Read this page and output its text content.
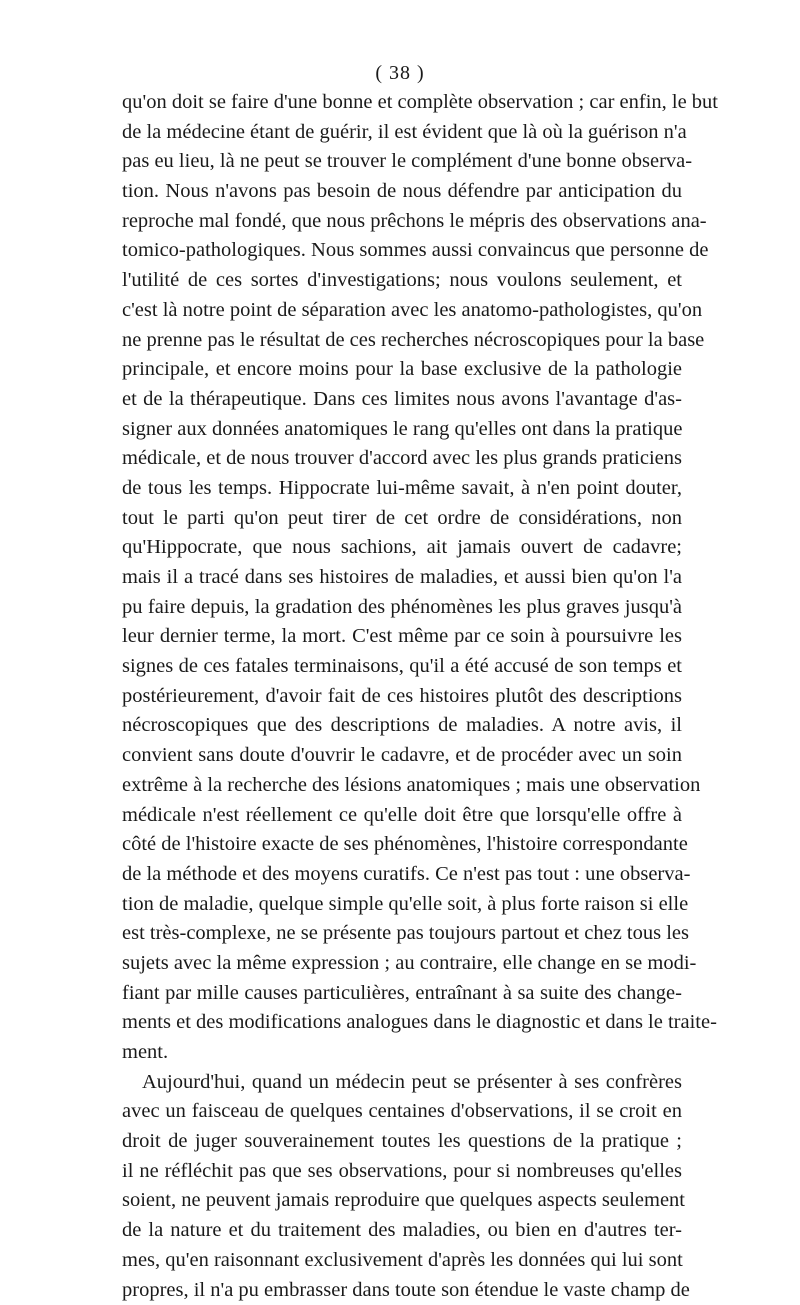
( 38 )
qu'on doit se faire d'une bonne et complète observation ; car enfin, le but
de la médecine étant de guérir, il est évident que là où la guérison n'a
pas eu lieu, là ne peut se trouver le complément d'une bonne observa-
tion. Nous n'avons pas besoin de nous défendre par anticipation du
reproche mal fondé, que nous prêchons le mépris des observations ana-
tomico-pathologiques. Nous sommes aussi convaincus que personne de
l'utilité de ces sortes d'investigations; nous voulons seulement, et
c'est là notre point de séparation avec les anatomo-pathologistes, qu'on
ne prenne pas le résultat de ces recherches nécroscopiques pour la base
principale, et encore moins pour la base exclusive de la pathologie
et de la thérapeutique. Dans ces limites nous avons l'avantage d'as-
signer aux données anatomiques le rang qu'elles ont dans la pratique
médicale, et de nous trouver d'accord avec les plus grands praticiens
de tous les temps. Hippocrate lui-même savait, à n'en point douter,
tout le parti qu'on peut tirer de cet ordre de considérations, non
qu'Hippocrate, que nous sachions, ait jamais ouvert de cadavre;
mais il a tracé dans ses histoires de maladies, et aussi bien qu'on l'a
pu faire depuis, la gradation des phénomènes les plus graves jusqu'à
leur dernier terme, la mort. C'est même par ce soin à poursuivre les
signes de ces fatales terminaisons, qu'il a été accusé de son temps et
postérieurement, d'avoir fait de ces histoires plutôt des descriptions
nécroscopiques que des descriptions de maladies. A notre avis, il
convient sans doute d'ouvrir le cadavre, et de procéder avec un soin
extrême à la recherche des lésions anatomiques ; mais une observation
médicale n'est réellement ce qu'elle doit être que lorsqu'elle offre à
côté de l'histoire exacte de ses phénomènes, l'histoire correspondante
de la méthode et des moyens curatifs. Ce n'est pas tout : une observa-
tion de maladie, quelque simple qu'elle soit, à plus forte raison si elle
est très-complexe, ne se présente pas toujours partout et chez tous les
sujets avec la même expression ; au contraire, elle change en se modi-
fiant par mille causes particulières, entraînant à sa suite des change-
ments et des modifications analogues dans le diagnostic et dans le traite-
ment.
Aujourd'hui, quand un médecin peut se présenter à ses confrères
avec un faisceau de quelques centaines d'observations, il se croit en
droit de juger souverainement toutes les questions de la pratique ;
il ne réfléchit pas que ses observations, pour si nombreuses qu'elles
soient, ne peuvent jamais reproduire que quelques aspects seulement
de la nature et du traitement des maladies, ou bien en d'autres ter-
mes, qu'en raisonnant exclusivement d'après les données qui lui sont
propres, il n'a pu embrasser dans toute son étendue le vaste champ de
